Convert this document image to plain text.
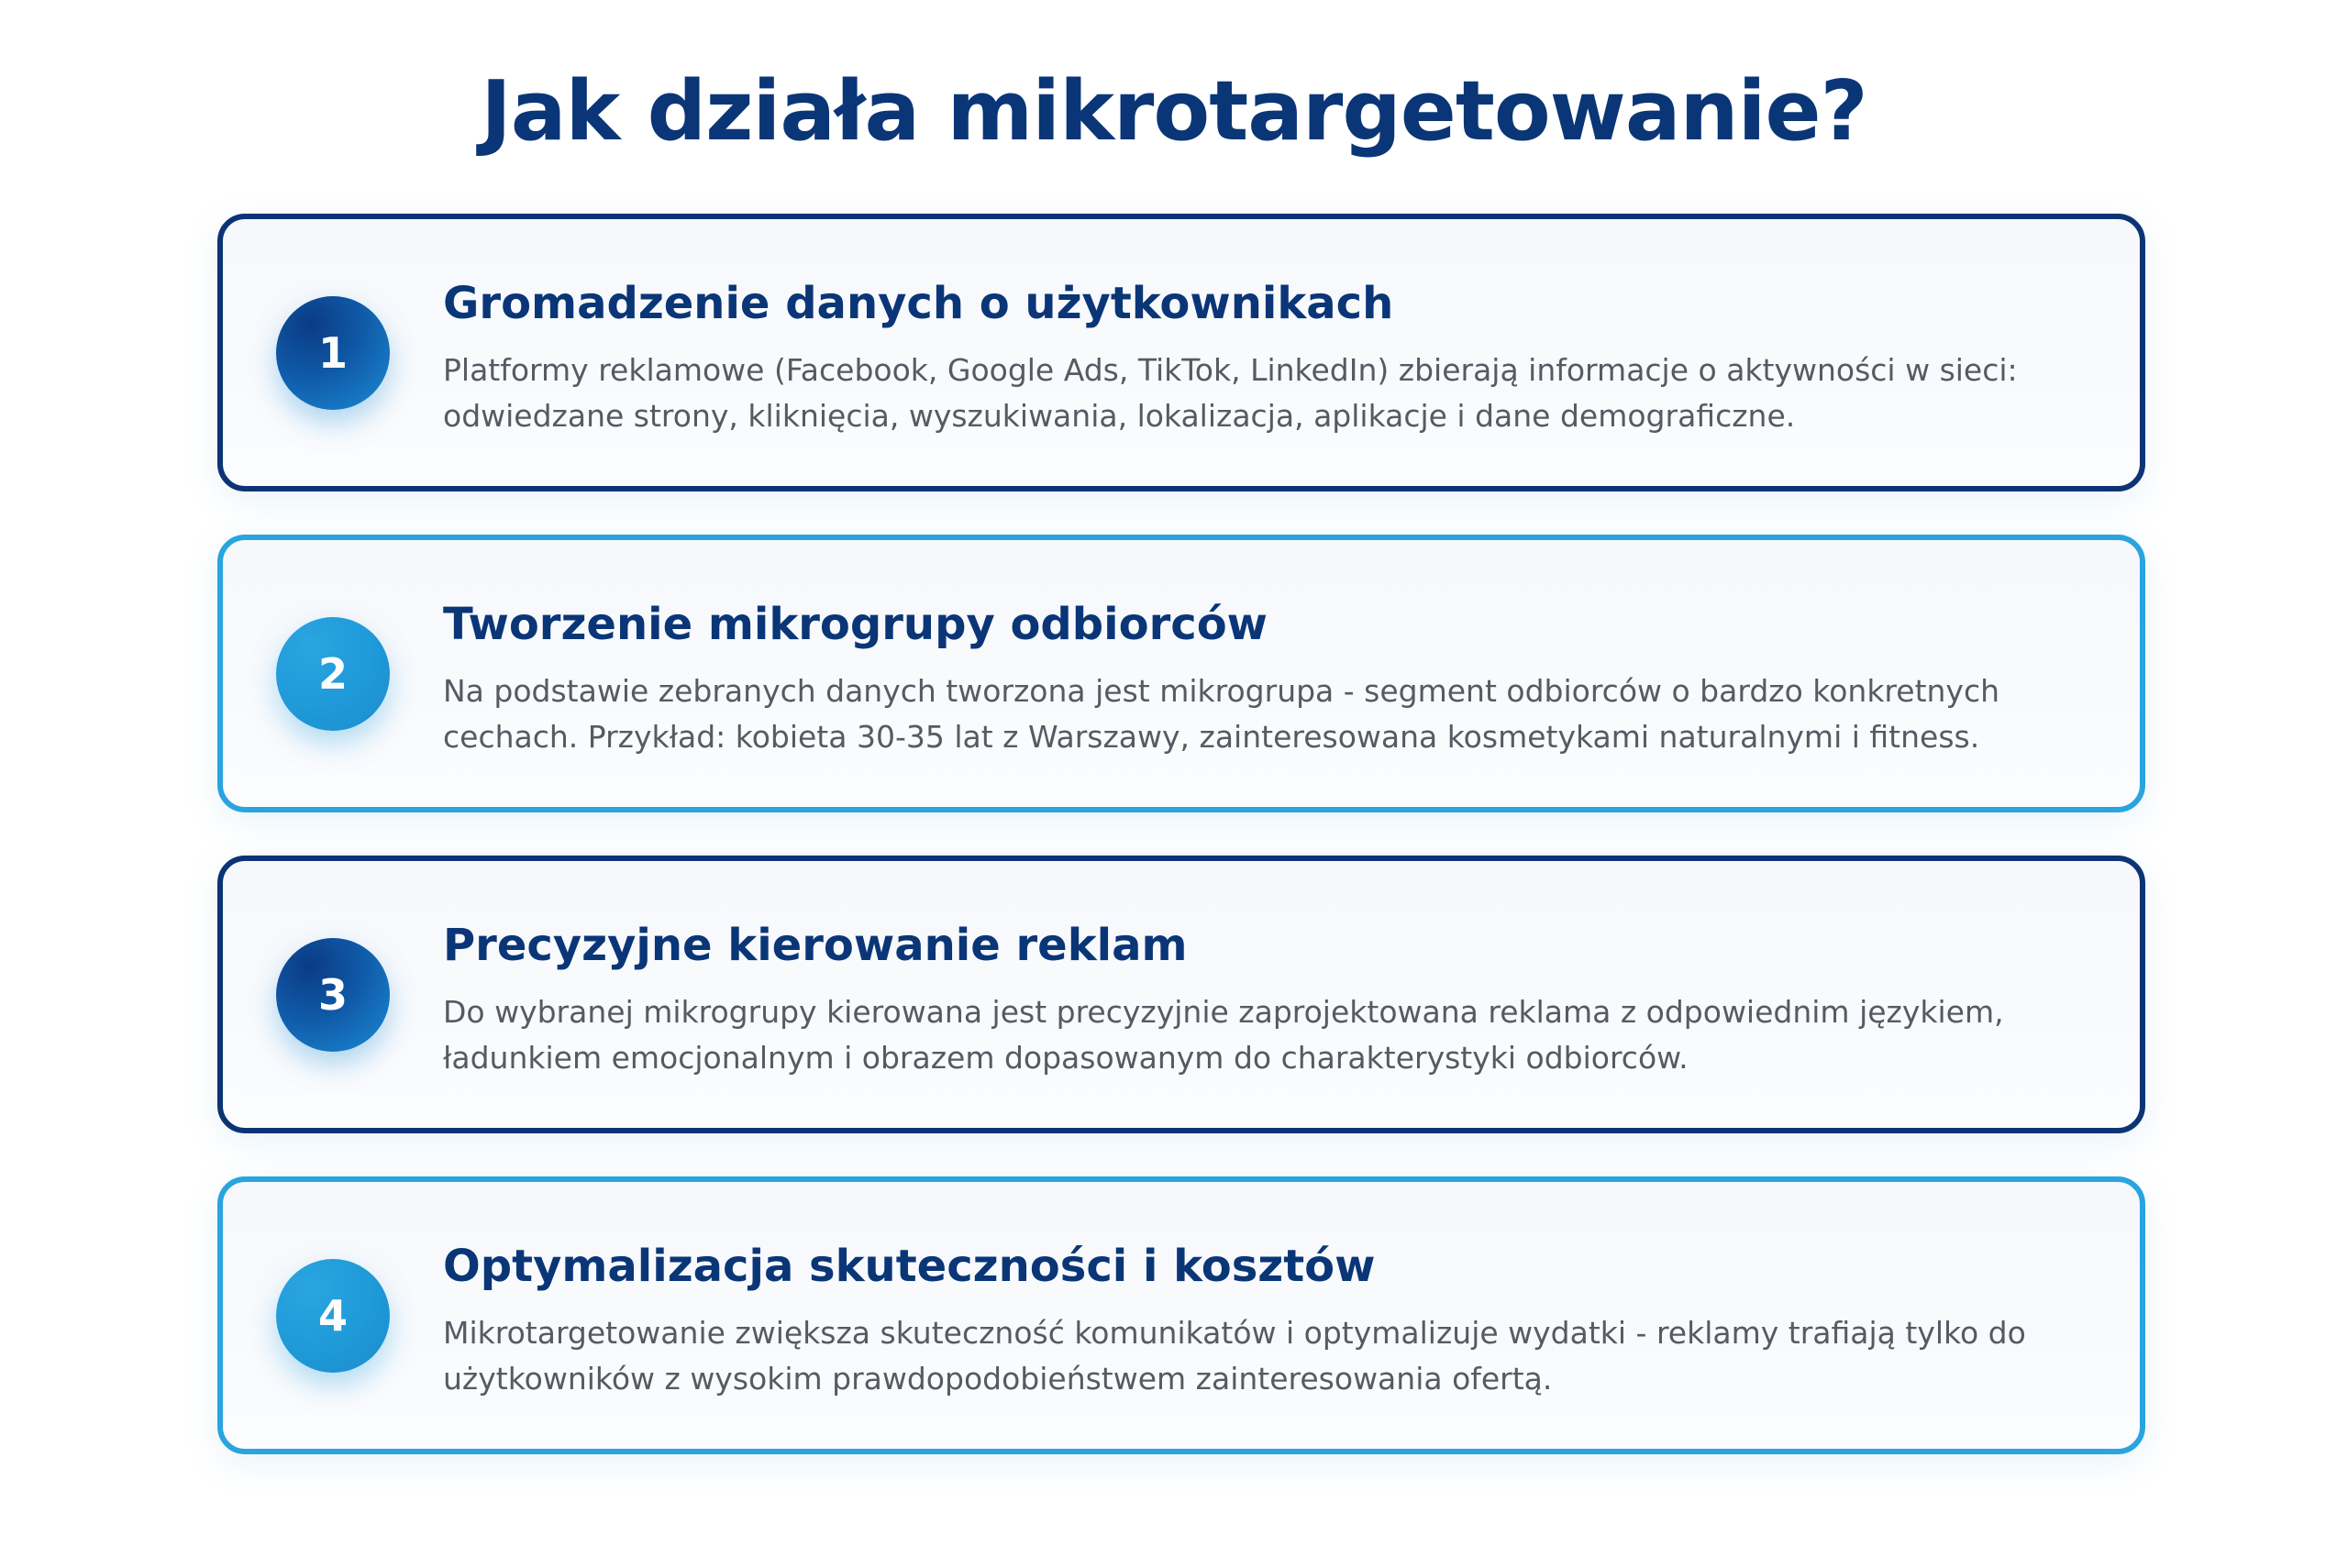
Jak działa mikrotargetowanie?
1
Gromadzenie danych o użytkownikach

Platformy reklamowe (Facebook, Google Ads, TikTok, LinkedIn) zbierają informacje o aktywności w sieci: odwiedzane strony, kliknięcia, wyszukiwania, lokalizacja, aplikacje i dane demograficzne.

2
Tworzenie mikrogrupy odbiorców

Na podstawie zebranych danych tworzona jest mikrogrupa - segment odbiorców o bardzo konkretnych cechach. Przykład: kobieta 30-35 lat z Warszawy, zainteresowana kosmetykami naturalnymi i fitness.

3
Precyzyjne kierowanie reklam

Do wybranej mikrogrupy kierowana jest precyzyjnie zaprojektowana reklama z odpowiednim językiem, ładunkiem emocjonalnym i obrazem dopasowanym do charakterystyki odbiorców.

4
Optymalizacja skuteczności i kosztów

Mikrotargetowanie zwiększa skuteczność komunikatów i optymalizuje wydatki - reklamy trafiają tylko do użytkowników z wysokim prawdopodobieństwem zainteresowania ofertą.
